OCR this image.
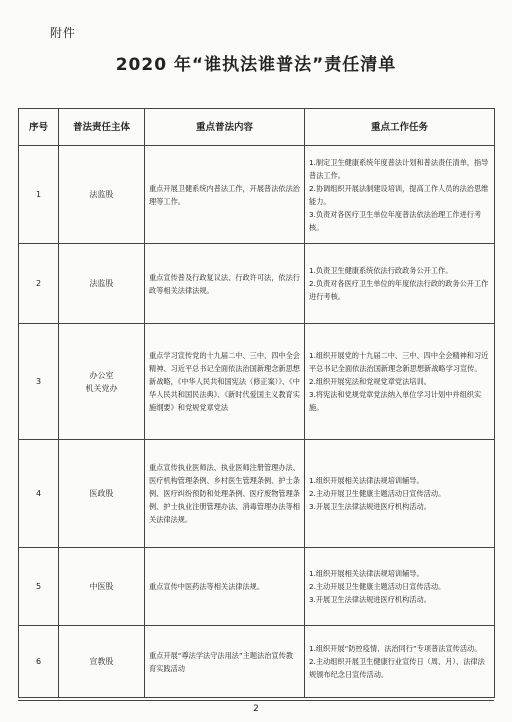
附件
2020 年“谁执法谁普法”责任清单
序号	普法责任主体	重点普法内容	重点工作任务
1	法监股	重点开展卫健系统内普法工作，开展普法依法治理等工作。	1.制定卫生健康系统年度普法计划和普法责任清单，指导普法工作。
2.协调组织开展法制建设培训，提高工作人员的法治思维能力。
3.负责对各医疗卫生单位年度普法依法治理工作进行考核。

2	法监股	重点宣传普及行政复议法、行政许可法，依法行政等相关法律法规。	1.负责卫生健康系统依法行政政务公开工作。
2.负责对各医疗卫生单位的年度依法行政的政务公开工作进行考核。

3	办公室
机关党办	重点学习宣传党的十九届二中、三中、四中全会精神、习近平总书记全面依法治国新理念新思想新战略，《中华人民共和国宪法（修正案）》、《中华人民共和国民法典》、《新时代爱国主义教育实施纲要》和党规党章党法	1.组织开展党的十九届二中、三中、四中全会精神和习近平总书记全面依法治国新理念新思想新战略学习宣传。
2.组织开展宪法和党规党章党法培训。
3.将宪法和党规党章党法纳入单位学习计划中并组织实施。

4	医政股	重点宣传执业医师法、执业医师注册管理办法、医疗机构管理条例、乡村医生管理条例、护士条例、医疗纠纷预防和处理条例、医疗废物管理条例、护士执业注册管理办法、消毒管理办法等相关法律法规。	1.组织开展相关法律法规培训辅导。
2.主动开展卫生健康主题活动日宣传活动。
3.开展卫生法律法规进医疗机构活动。

5	中医股	重点宣传中医药法等相关法律法规。	1.组织开展相关法律法规培训辅导。
2.主动开展卫生健康主题活动日宣传活动。
3.开展卫生法律法规进医疗机构活动。

6	宣教股	重点开展“尊法学法守法用法”主题法治宣传教育实践活动	1.组织开展“防控疫情、法治同行”专项普法宣传活动。
2.主动组织开展卫生健康行业宣传日（周、月）、法律法规颁布纪念日宣传活动。
2
